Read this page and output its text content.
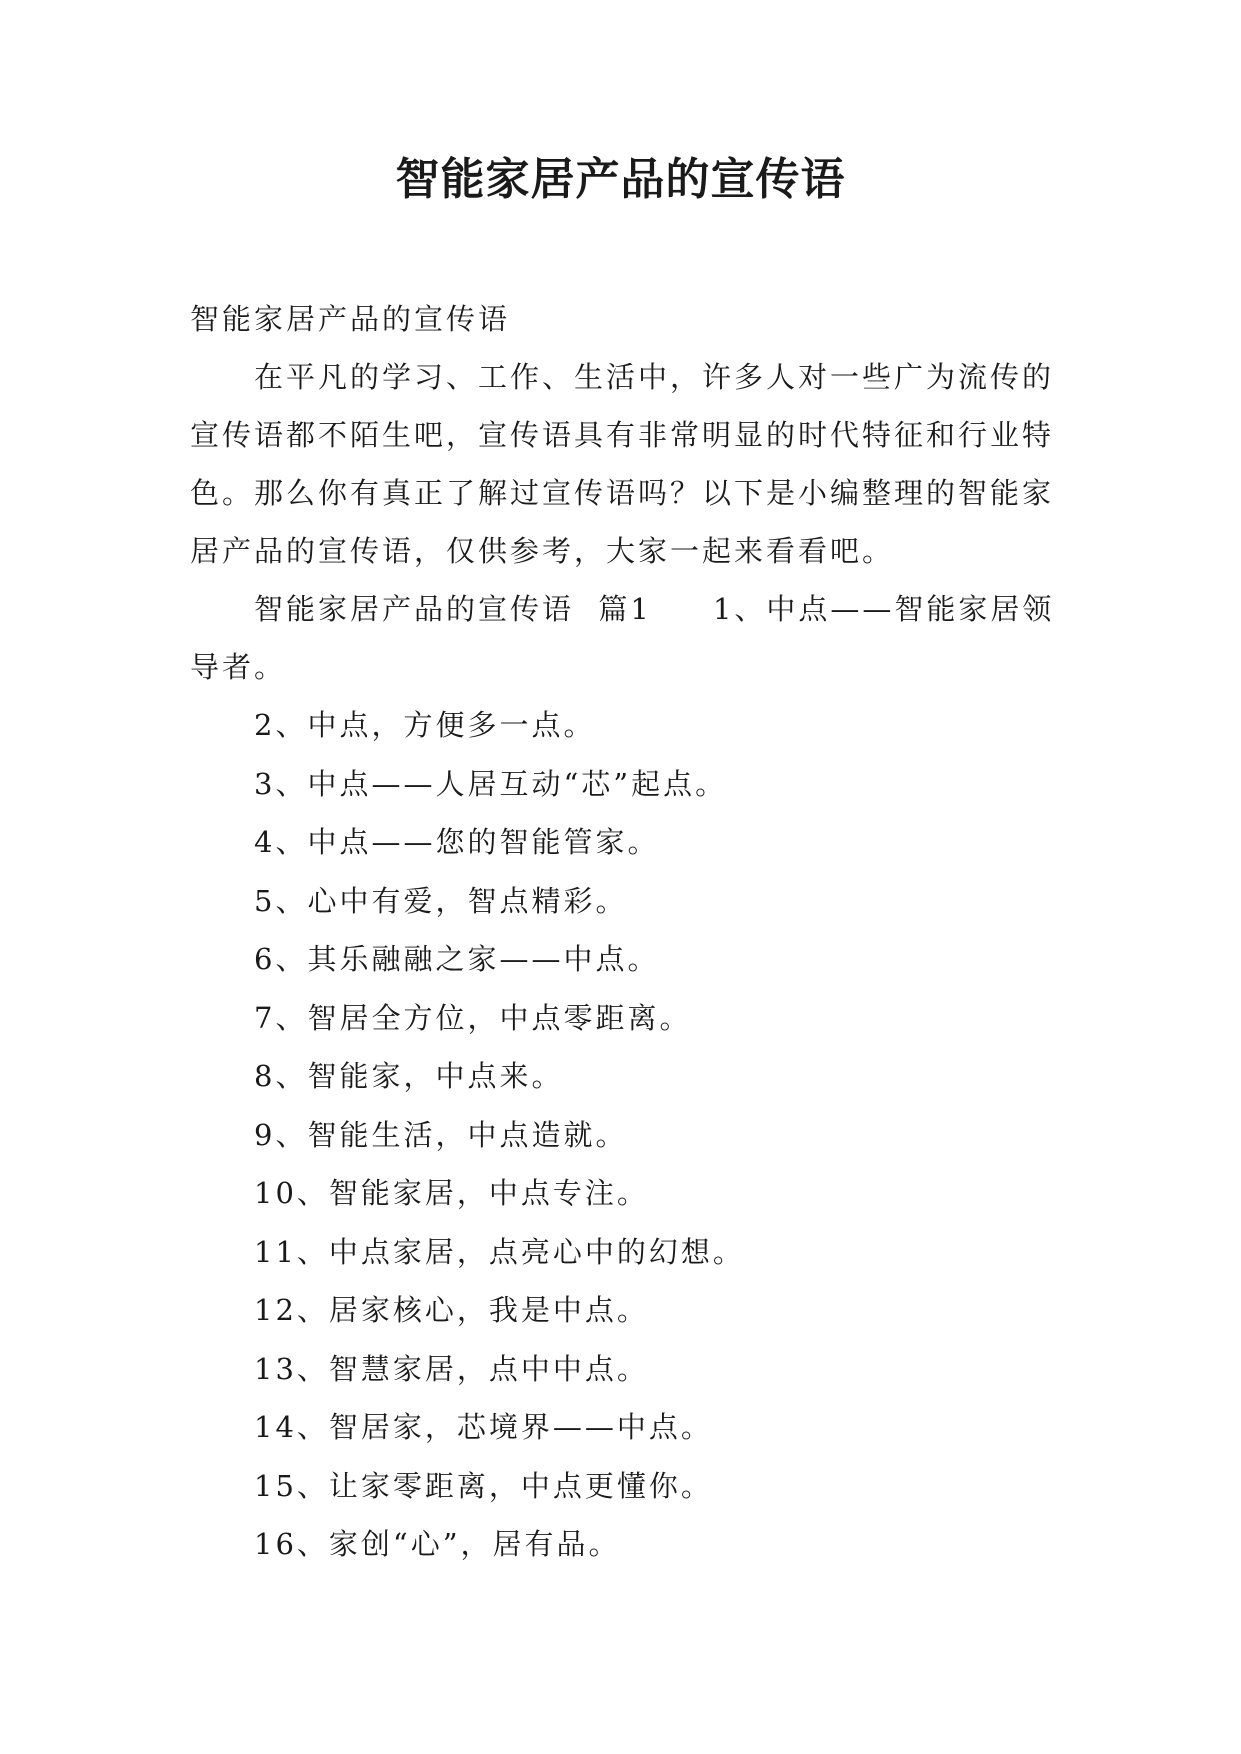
智能家居产品的宣传语

智能家居产品的宣传语

在平凡的学习、工作、生活中，许多人对一些广为流传的宣传语都不陌生吧，宣传语具有非常明显的时代特征和行业特色。那么你有真正了解过宣传语吗？以下是小编整理的智能家居产品的宣传语，仅供参考，大家一起来看看吧。

智能家居产品的宣传语  篇1     1、中点——智能家居领导者。

2、中点，方便多一点。

3、中点——人居互动“芯”起点。

4、中点——您的智能管家。

5、心中有爱，智点精彩。

6、其乐融融之家——中点。

7、智居全方位，中点零距离。

8、智能家，中点来。

9、智能生活，中点造就。

10、智能家居，中点专注。

11、中点家居，点亮心中的幻想。

12、居家核心，我是中点。

13、智慧家居，点中中点。

14、智居家，芯境界——中点。

15、让家零距离，中点更懂你。

16、家创“心”，居有品。
